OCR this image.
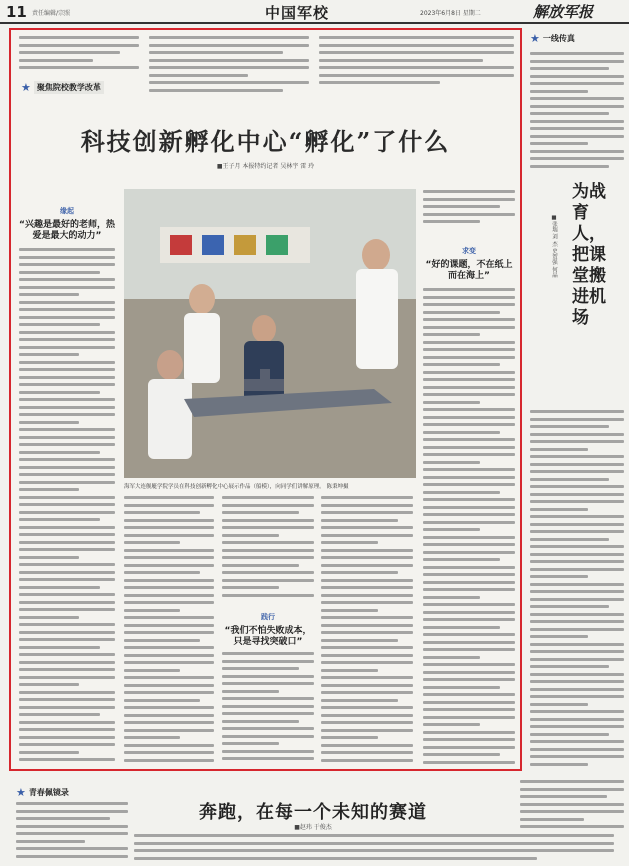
11 责任编辑/宗照	中国军校	2023年6月8日 星期二	解放军报
★ 聚焦院校教学改革
科技创新孵化中心“孵化”了什么
■王子月 本报特约记者 吴林宇 雷 玲
海军大连舰艇学院学员在科技创新孵化中心展示作品（船模），向同学们讲解原理。 陈秉坤摄
缘起
“兴趣是最好的老师，热爱是最大的动力”
践行
“我们不怕失败成本，只是寻找突破口”
求变
“好的课题，不在纸上而在海上”
★ 一线传真
为战育人，把课堂搬进机场
■张瑞 刘 杰 史贺强 何晶
★ 青春佩镜录
奔跑，在每一个未知的赛道
■赵玮 于俊杰
